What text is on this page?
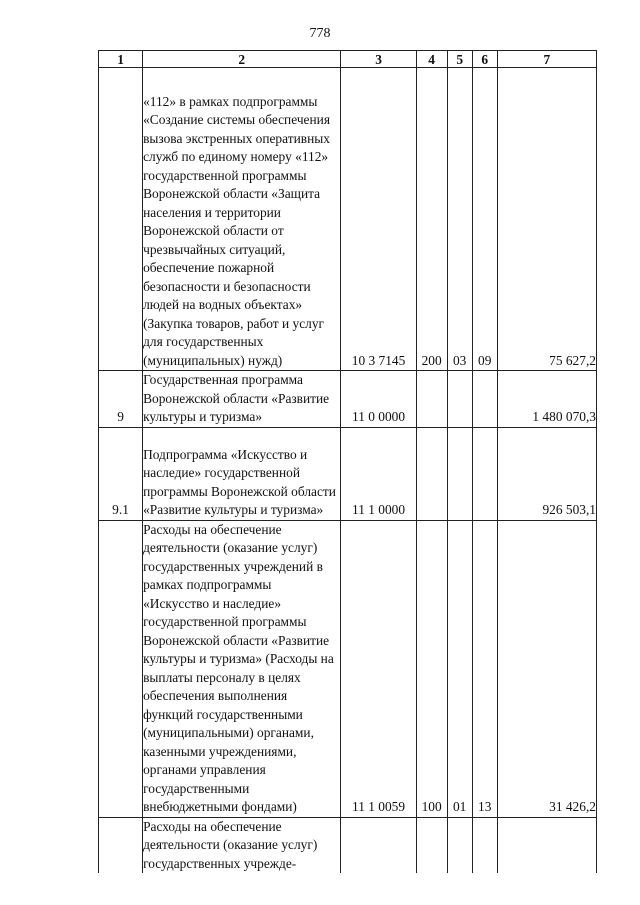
778
1	2	3	4	5	6	7
	«112» в рамках подпрограммы «Создание системы обеспечения вызова экстренных оперативных служб по единому номеру «112» государственной программы Воронежской области «Защита населения и территории Воронежской области от чрезвычайных ситуаций, обеспечение пожарной безопасности и безопасности людей на водных объектах» (Закупка товаров, работ и услуг для государственных (муниципальных) нужд)	10 3 7145	200	03	09	75 627,2
9	Государственная программа Воронежской области «Развитие культуры и туризма»	11 0 0000				1 480 070,3
9.1	Подпрограмма «Искусство и наследие» государственной программы Воронежской области «Развитие культуры и туризма»	11 1 0000				926 503,1
	Расходы на обеспечение деятельности (оказание услуг) государственных учреждений в рамках подпрограммы «Искусство и наследие» государственной программы Воронежской области «Развитие культуры и туризма» (Расходы на выплаты персоналу в целях обеспечения выполнения функций государственными (муниципальными) органами, казенными учреждениями, органами управления государственными внебюджетными фондами)	11 1 0059	100	01	13	31 426,2
	Расходы на обеспечение деятельности (оказание услуг) государственных учрежде-					
